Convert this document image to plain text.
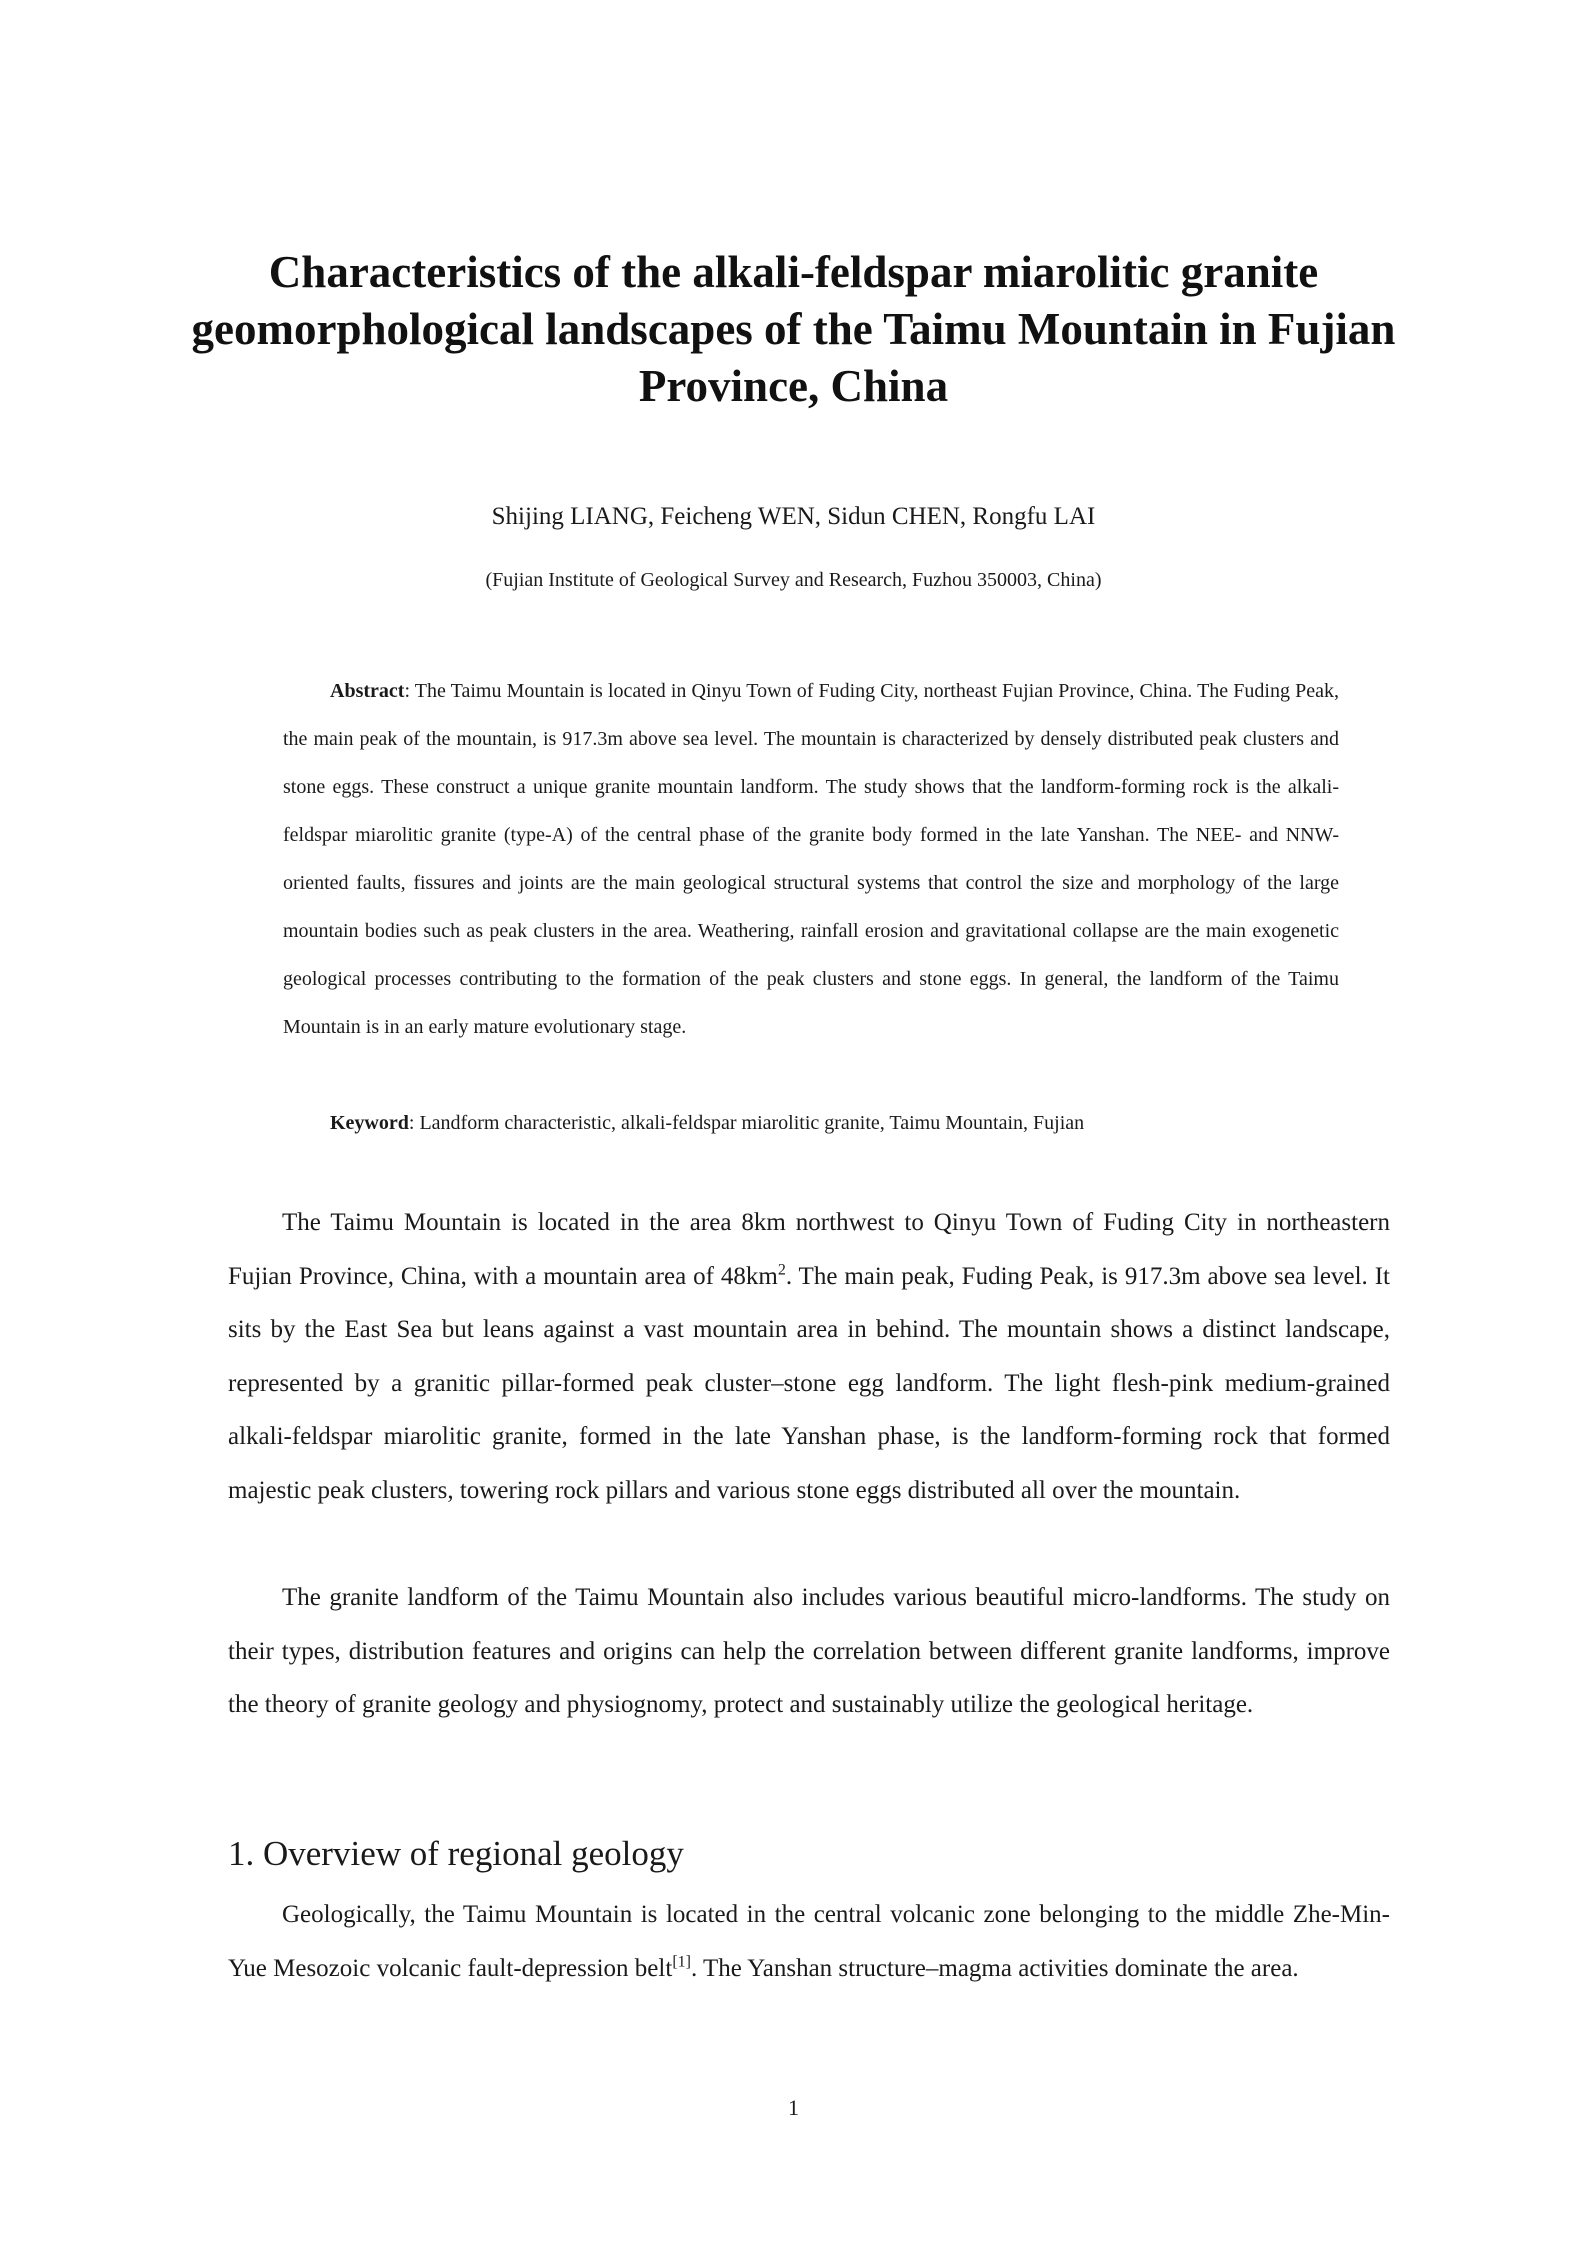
Characteristics of the alkali-feldspar miarolitic granite geomorphological landscapes of the Taimu Mountain in Fujian Province, China

Shijing LIANG, Feicheng WEN, Sidun CHEN, Rongfu LAI

(Fujian Institute of Geological Survey and Research, Fuzhou 350003, China)

Abstract: The Taimu Mountain is located in Qinyu Town of Fuding City, northeast Fujian Province, China. The Fuding Peak, the main peak of the mountain, is 917.3m above sea level. The mountain is characterized by densely distributed peak clusters and stone eggs. These construct a unique granite mountain landform. The study shows that the landform-forming rock is the alkali-feldspar miarolitic granite (type-A) of the central phase of the granite body formed in the late Yanshan. The NEE- and NNW-oriented faults, fissures and joints are the main geological structural systems that control the size and morphology of the large mountain bodies such as peak clusters in the area. Weathering, rainfall erosion and gravitational collapse are the main exogenetic geological processes contributing to the formation of the peak clusters and stone eggs. In general, the landform of the Taimu Mountain is in an early mature evolutionary stage.

Keyword: Landform characteristic, alkali-feldspar miarolitic granite, Taimu Mountain, Fujian

The Taimu Mountain is located in the area 8km northwest to Qinyu Town of Fuding City in northeastern Fujian Province, China, with a mountain area of $48km^2$. The main peak, Fuding Peak, is 917.3m above sea level. It sits by the East Sea but leans against a vast mountain area in behind. The mountain shows a distinct landscape, represented by a granitic pillar-formed peak cluster–stone egg landform. The light flesh-pink medium-grained alkali-feldspar miarolitic granite, formed in the late Yanshan phase, is the landform-forming rock that formed majestic peak clusters, towering rock pillars and various stone eggs distributed all over the mountain.

The granite landform of the Taimu Mountain also includes various beautiful micro-landforms. The study on their types, distribution features and origins can help the correlation between different granite landforms, improve the theory of granite geology and physiognomy, protect and sustainably utilize the geological heritage.

1. Overview of regional geology

Geologically, the Taimu Mountain is located in the central volcanic zone belonging to the middle Zhe-Min-Yue Mesozoic volcanic fault-depression belt[1]. The Yanshan structure–magma activities dominate the area.

1
